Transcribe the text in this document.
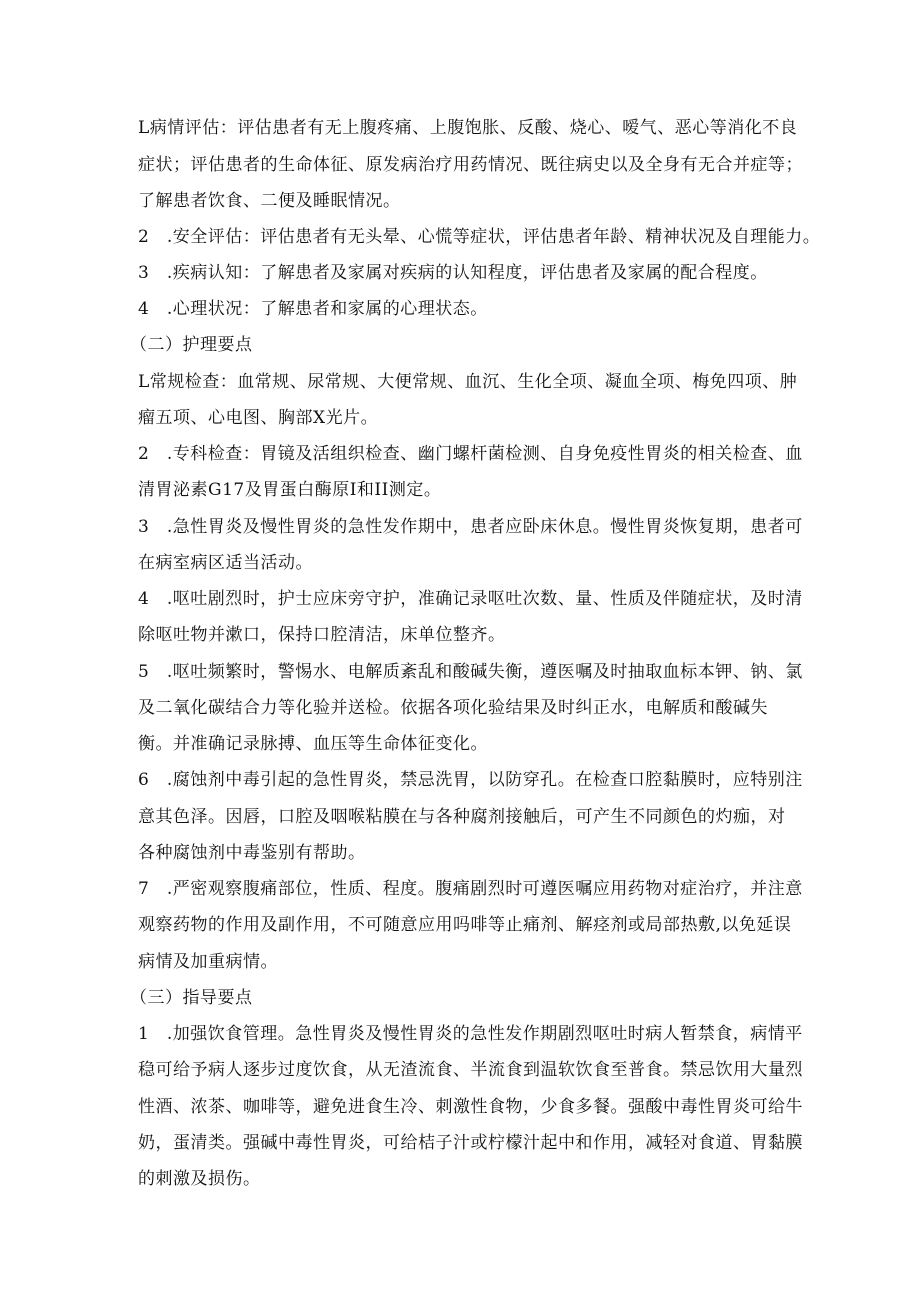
L病情评估：评估患者有无上腹疼痛、上腹饱胀、反酸、烧心、嗳气、恶心等消化不良
症状；评估患者的生命体征、原发病治疗用药情况、既往病史以及全身有无合并症等；
了解患者饮食、二便及睡眠情况。
2　.安全评估：评估患者有无头晕、心慌等症状，评估患者年龄、精神状况及自理能力。
3　.疾病认知：了解患者及家属对疾病的认知程度，评估患者及家属的配合程度。
4　.心理状况：了解患者和家属的心理状态。
（二）护理要点
L常规检查：血常规、尿常规、大便常规、血沉、生化全项、凝血全项、梅免四项、肿
瘤五项、心电图、胸部X光片。
2　.专科检查：胃镜及活组织检查、幽门螺杆菌检测、自身免疫性胃炎的相关检查、血
清胃泌素G17及胃蛋白酶原I和II测定。
3　.急性胃炎及慢性胃炎的急性发作期中，患者应卧床休息。慢性胃炎恢复期，患者可
在病室病区适当活动。
4　.呕吐剧烈时，护士应床旁守护，准确记录呕吐次数、量、性质及伴随症状，及时清
除呕吐物并漱口，保持口腔清洁，床单位整齐。
5　.呕吐频繁时，警惕水、电解质紊乱和酸碱失衡，遵医嘱及时抽取血标本钾、钠、氯
及二氧化碳结合力等化验并送检。依据各项化验结果及时纠正水，电解质和酸碱失
衡。并准确记录脉搏、血压等生命体征变化。
6　.腐蚀剂中毒引起的急性胃炎，禁忌洗胃，以防穿孔。在检查口腔黏膜时，应特别注
意其色泽。因唇，口腔及咽喉粘膜在与各种腐剂接触后，可产生不同颜色的灼痂，对
各种腐蚀剂中毒鉴别有帮助。
7　.严密观察腹痛部位，性质、程度。腹痛剧烈时可遵医嘱应用药物对症治疗，并注意
观察药物的作用及副作用，不可随意应用吗啡等止痛剂、解痉剂或局部热敷,以免延误
病情及加重病情。
（三）指导要点
1　.加强饮食管理。急性胃炎及慢性胃炎的急性发作期剧烈呕吐时病人暂禁食，病情平
稳可给予病人逐步过度饮食，从无渣流食、半流食到温软饮食至普食。禁忌饮用大量烈
性酒、浓茶、咖啡等，避免进食生冷、刺激性食物，少食多餐。强酸中毒性胃炎可给牛
奶，蛋清类。强碱中毒性胃炎，可给桔子汁或柠檬汁起中和作用，减轻对食道、胃黏膜
的刺激及损伤。
